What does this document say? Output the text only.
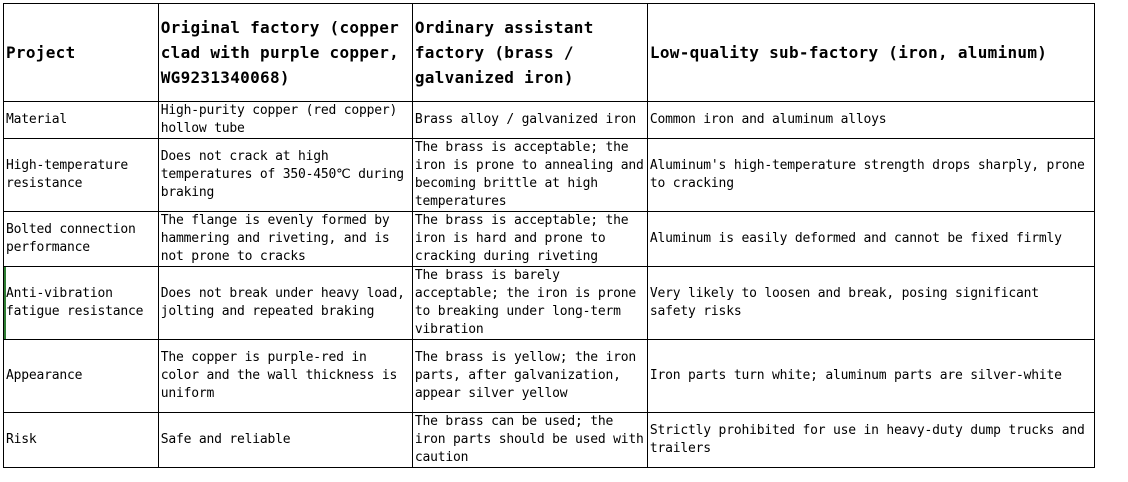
Project	Original factory (copper clad with purple copper, WG9231340068)	Ordinary assistant factory (brass / galvanized iron)	Low-quality sub-factory (iron, aluminum)

Material	High-purity copper (red copper) hollow tube	Brass alloy / galvanized iron	Common iron and aluminum alloys

High-temperature resistance	Does not crack at high temperatures of 350-450℃ during braking	The brass is acceptable; the iron is prone to annealing and becoming brittle at high temperatures	Aluminum's high-temperature strength drops sharply, prone to cracking

Bolted connection performance	The flange is evenly formed by hammering and riveting, and is not prone to cracks	The brass is acceptable; the iron is hard and prone to cracking during riveting	Aluminum is easily deformed and cannot be fixed firmly

Anti-vibration fatigue resistance	Does not break under heavy load, jolting and repeated braking	The brass is barely acceptable; the iron is prone to breaking under long-term vibration	Very likely to loosen and break, posing significant safety risks

Appearance	The copper is purple-red in color and the wall thickness is uniform	The brass is yellow; the iron parts, after galvanization, appear silver yellow	Iron parts turn white; aluminum parts are silver-white

Risk	Safe and reliable	The brass can be used; the iron parts should be used with caution	Strictly prohibited for use in heavy-duty dump trucks and trailers
